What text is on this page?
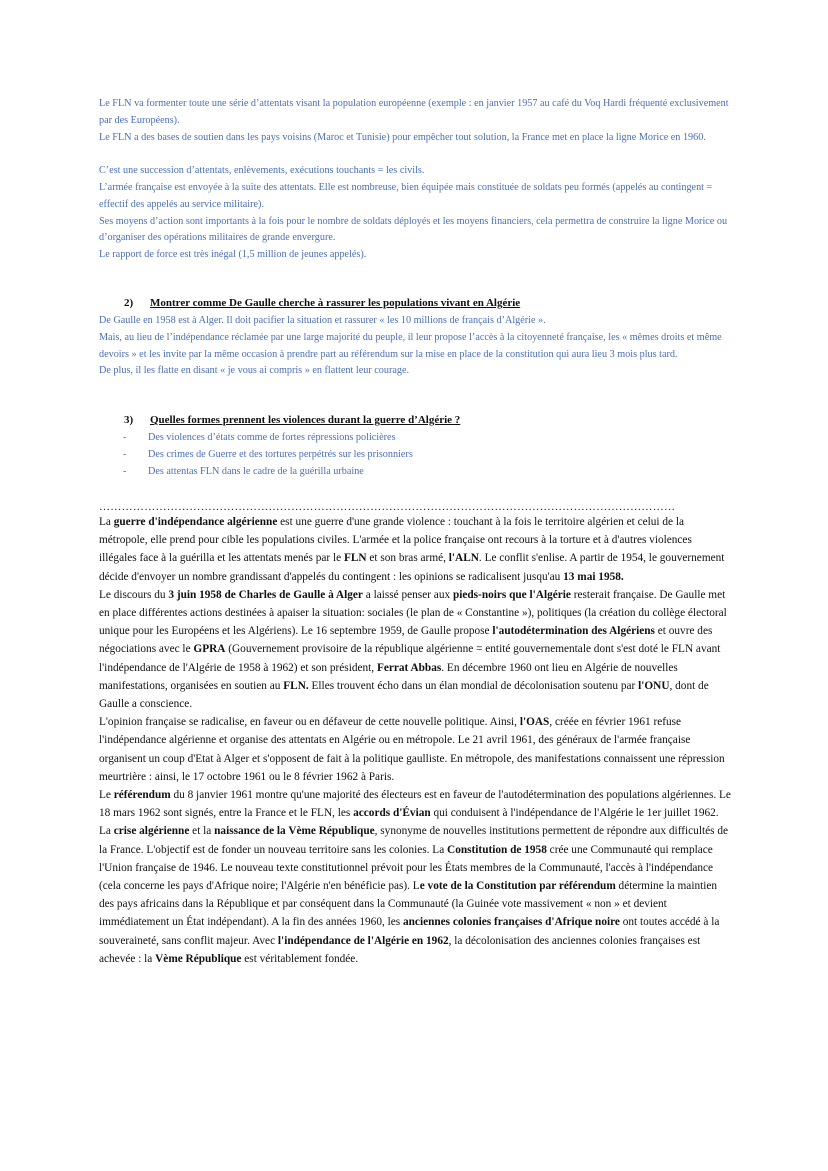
Le FLN va formenter toute une série d’attentats visant la population européenne (exemple : en janvier 1957 au café du Voq Hardi fréquenté exclusivement par des Européens).

Le FLN a des bases de soutien dans les pays voisins (Maroc et Tunisie) pour empêcher tout solution, la France met en place la ligne Morice en 1960.

C’est une succession d’attentats, enlèvements, exécutions touchants = les civils.

L’armée française est envoyée à la suite des attentats. Elle est nombreuse, bien équipée mais constituée de soldats peu formés (appelés au contingent = effectif des appelés au service militaire).

Ses moyens d’action sont importants à la fois pour le nombre de soldats déployés et les moyens financiers, cela permettra de construire la ligne Morice ou d’organiser des opérations militaires de grande envergure.

Le rapport de force est très inégal (1,5 million de jeunes appelés).

2) Montrer comme De Gaulle cherche à rassurer les populations vivant en Algérie

De Gaulle en 1958 est à Alger. Il doit pacifier la situation et rassurer « les 10 millions de français d’Algérie ».

Mais, au lieu de l’indépendance réclamée par une large majorité du peuple, il leur propose l’accès à la citoyenneté française, les « mêmes droits et même devoirs » et les invite par la même occasion à prendre part au référendum sur la mise en place de la constitution qui aura lieu 3 mois plus tard.

De plus, il les flatte en disant « je vous ai compris » en flattent leur courage.

3) Quelles formes prennent les violences durant la guerre d’Algérie ?
- Des violences d’états comme de fortes répressions policières
- Des crimes de Guerre et des tortures perpétrés sur les prisonniers
- Des attentas FLN dans le cadre de la guérilla urbaine
………………………………………………………………………………………………………………………………………

La guerre d'indépendance algérienne est une guerre d'une grande violence : touchant à la fois le territoire algérien et celui de la métropole, elle prend pour cible les populations civiles. L'armée et la police française ont recours à la torture et à d'autres violences illégales face à la guérilla et les attentats menés par le FLN et son bras armé, l'ALN. Le conflit s'enlise. A partir de 1954, le gouvernement décide d'envoyer un nombre grandissant d'appelés du contingent : les opinions se radicalisent jusqu'au 13 mai 1958.

Le discours du 3 juin 1958 de Charles de Gaulle à Alger a laissé penser aux pieds-noirs que l'Algérie resterait française. De Gaulle met en place différentes actions destinées à apaiser la situation: sociales (le plan de « Constantine »), politiques (la création du collège électoral unique pour les Européens et les Algériens). Le 16 septembre 1959, de Gaulle propose l'autodétermination des Algériens et ouvre des négociations avec le GPRA (Gouvernement provisoire de la république algérienne = entité gouvernementale dont s'est doté le FLN avant l'indépendance de l'Algérie de 1958 à 1962) et son président, Ferrat Abbas. En décembre 1960 ont lieu en Algérie de nouvelles manifestations, organisées en soutien au FLN. Elles trouvent écho dans un élan mondial de décolonisation soutenu par l'ONU, dont de Gaulle a conscience.

L'opinion française se radicalise, en faveur ou en défaveur de cette nouvelle politique. Ainsi, l'OAS, créée en février 1961 refuse l'indépendance algérienne et organise des attentats en Algérie ou en métropole. Le 21 avril 1961, des généraux de l'armée française organisent un coup d'Etat à Alger et s'opposent de fait à la politique gaulliste. En métropole, des manifestations connaissent une répression meurtrière : ainsi, le 17 octobre 1961 ou le 8 février 1962 à Paris.

Le référendum du 8 janvier 1961 montre qu'une majorité des électeurs est en faveur de l'autodétermination des populations algériennes. Le 18 mars 1962 sont signés, entre la France et le FLN, les accords d'Évian qui conduisent à l'indépendance de l'Algérie le 1er juillet 1962.

La crise algérienne et la naissance de la Vème République, synonyme de nouvelles institutions permettent de répondre aux difficultés de la France. L'objectif est de fonder un nouveau territoire sans les colonies. La Constitution de 1958 crée une Communauté qui remplace l'Union française de 1946. Le nouveau texte constitutionnel prévoit pour les États membres de la Communauté, l'accès à l'indépendance (cela concerne les pays d'Afrique noire; l'Algérie n'en bénéficie pas). Le vote de la Constitution par référendum détermine la maintien des pays africains dans la République et par conséquent dans la Communauté (la Guinée vote massivement « non » et devient immédiatement un État indépendant). A la fin des années 1960, les anciennes colonies françaises d'Afrique noire ont toutes accédé à la souveraineté, sans conflit majeur. Avec l'indépendance de l'Algérie en 1962, la décolonisation des anciennes colonies françaises est achevée : la Vème République est véritablement fondée.
